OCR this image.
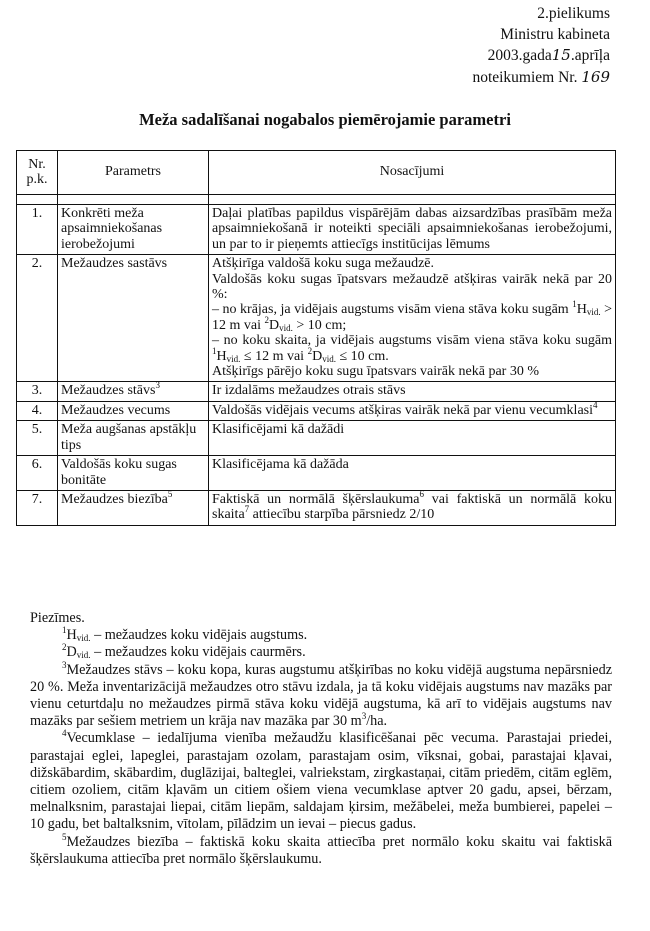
2.pielikums
Ministru kabineta
2003.gada15.aprīļa
noteikumiem Nr. 169
Meža sadalīšanai nogabalos piemērojamie parametri
Nr. p.k.	Parametrs	Nosacījumi

1.	Konkrēti meža apsaimniekošanas ierobežojumi	Daļai platības papildus vispārējām dabas aizsardzības prasībām meža apsaimniekošanā ir noteikti speciāli apsaimniekošanas ierobežojumi, un par to ir pieņemts attiecīgs institūcijas lēmums

2.	Mežaudzes sastāvs	Atšķirīga valdošā koku suga mežaudzē.
Valdošās koku sugas īpatsvars mežaudzē atšķiras vairāk nekā par 20 %:
– no krājas, ja vidējais augstums visām viena stāva koku sugām $^1H_{vid.} > 12$ m vai $^2D_{vid.} > 10$ cm;
– no koku skaita, ja vidējais augstums visām viena stāva koku sugām $^1H_{vid.} \le 12$ m vai $^2D_{vid.} \le 10$ cm.
Atšķirīgs pārējo koku sugu īpatsvars vairāk nekā par 30 %

3.	Mežaudzes stāvs$^3$	Ir izdalāms mežaudzes otrais stāvs
4.	Mežaudzes vecums	Valdošās vidējais vecums atšķiras vairāk nekā par vienu vecumklasi$^4$
5.	Meža augšanas apstākļu tips	Klasificējami kā dažādi
6.	Valdošās koku sugas bonitāte	Klasificējama kā dažāda
7.	Mežaudzes biezība$^5$	Faktiskā un normālā šķērslaukuma$^6$ vai faktiskā un normālā koku skaita$^7$ attiecību starpība pārsniedz 2/10

Piezīmes.

$^1H_{vid.}$ – mežaudzes koku vidējais augstums.

$^2D_{vid.}$ – mežaudzes koku vidējais caurmērs.

$^3$Mežaudzes stāvs – koku kopa, kuras augstumu atšķirības no koku vidējā augstuma nepārsniedz 20 %. Meža inventarizācijā mežaudzes otro stāvu izdala, ja tā koku vidējais augstums nav mazāks par vienu ceturtdaļu no mežaudzes pirmā stāva koku vidējā augstuma, kā arī to vidējais augstums nav mazāks par sešiem metriem un krāja nav mazāka par 30 $m^3/ha$.

$^4$Vecumklase – iedalījuma vienība mežaudžu klasificēšanai pēc vecuma. Parastajai priedei, parastajai eglei, lapeglei, parastajam ozolam, parastajam osim, vīksnai, gobai, parastajai kļavai, dižskābardim, skābardim, duglāzijai, balteglei, valriekstam, zirgkastaņai, citām priedēm, citām eglēm, citiem ozoliem, citām kļavām un citiem ošiem viena vecumklase aptver 20 gadu, apsei, bērzam, melnalksnim, parastajai liepai, citām liepām, saldajam ķirsim, mežābelei, meža bumbierei, papelei – 10 gadu, bet baltalksnim, vītolam, pīlādzim un ievai – piecus gadus.

$^5$Mežaudzes biezība – faktiskā koku skaita attiecība pret normālo koku skaitu vai faktiskā šķērslaukuma attiecība pret normālo šķērslaukumu.
